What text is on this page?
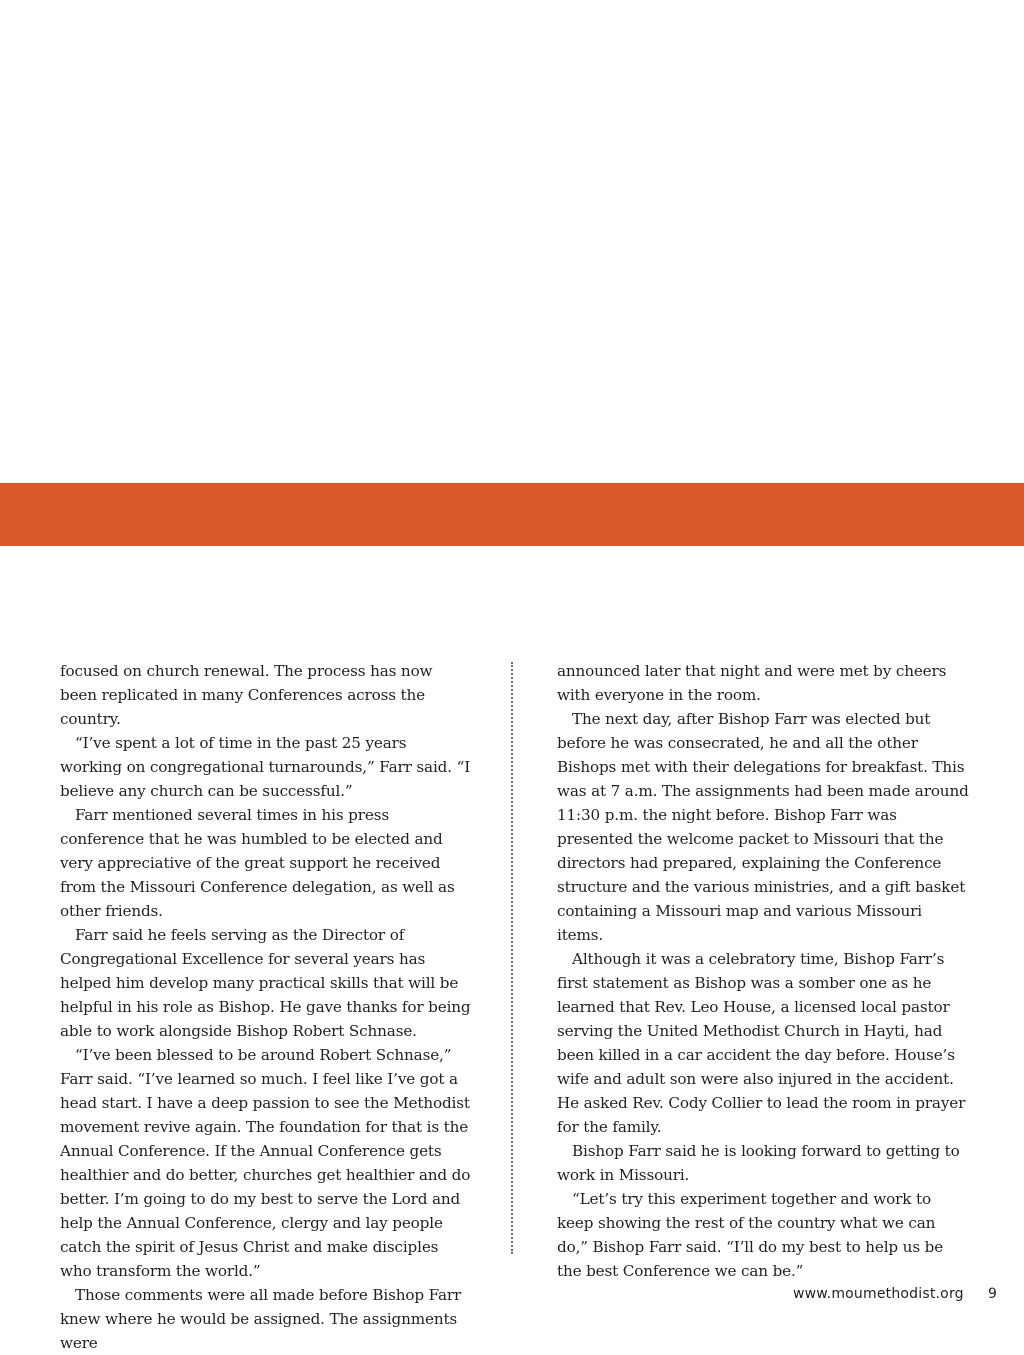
focused on church renewal. The process has now been replicated in many Conferences across the country.

“I’ve spent a lot of time in the past 25 years working on congregational turnarounds,” Farr said. “I believe any church can be successful.”

Farr mentioned several times in his press conference that he was humbled to be elected and very appreciative of the great support he received from the Missouri Conference delegation, as well as other friends.

Farr said he feels serving as the Director of Congregational Excellence for several years has helped him develop many practical skills that will be helpful in his role as Bishop. He gave thanks for being able to work alongside Bishop Robert Schnase.

“I’ve been blessed to be around Robert Schnase,” Farr said. “I’ve learned so much. I feel like I’ve got a head start. I have a deep passion to see the Methodist movement revive again. The foundation for that is the Annual Conference. If the Annual Conference gets healthier and do better, churches get healthier and do better. I’m going to do my best to serve the Lord and help the Annual Conference, clergy and lay people catch the spirit of Jesus Christ and make disciples who transform the world.”

Those comments were all made before Bishop Farr knew where he would be assigned. The assignments were

announced later that night and were met by cheers with everyone in the room.

The next day, after Bishop Farr was elected but before he was consecrated, he and all the other Bishops met with their delegations for breakfast. This was at 7 a.m. The assignments had been made around 11:30 p.m. the night before. Bishop Farr was presented the welcome packet to Missouri that the directors had prepared, explaining the Conference structure and the various ministries, and a gift basket containing a Missouri map and various Missouri items.

Although it was a celebratory time, Bishop Farr’s first statement as Bishop was a somber one as he learned that Rev. Leo House, a licensed local pastor serving the United Methodist Church in Hayti, had been killed in a car accident the day before. House’s wife and adult son were also injured in the accident. He asked Rev. Cody Collier to lead the room in prayer for the family.

Bishop Farr said he is looking forward to getting to work in Missouri.

“Let’s try this experiment together and work to keep showing the rest of the country what we can do,” Bishop Farr said. “I’ll do my best to help us be the best Conference we can be.”

www.moumethodist.org 9
